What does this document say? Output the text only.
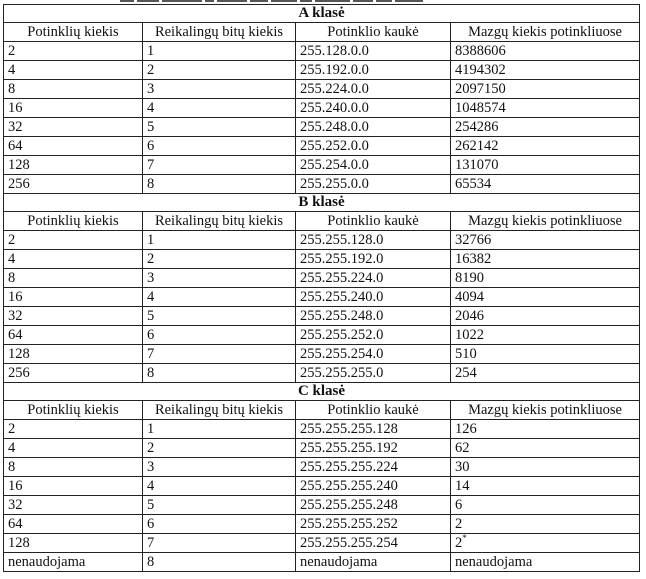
A klasė			
Potinklių kiekis	Reikalingų bitų kiekis	Potinklio kaukė	Mazgų kiekis potinkliuose
2	1	255.128.0.0	8388606
4	2	255.192.0.0	4194302
8	3	255.224.0.0	2097150
16	4	255.240.0.0	1048574
32	5	255.248.0.0	254286
64	6	255.252.0.0	262142
128	7	255.254.0.0	131070
256	8	255.255.0.0	65534
B klasė			
Potinklių kiekis	Reikalingų bitų kiekis	Potinklio kaukė	Mazgų kiekis potinkliuose
2	1	255.255.128.0	32766
4	2	255.255.192.0	16382
8	3	255.255.224.0	8190
16	4	255.255.240.0	4094
32	5	255.255.248.0	2046
64	6	255.255.252.0	1022
128	7	255.255.254.0	510
256	8	255.255.255.0	254
C klasė			
Potinklių kiekis	Reikalingų bitų kiekis	Potinklio kaukė	Mazgų kiekis potinkliuose
2	1	255.255.255.128	126
4	2	255.255.255.192	62
8	3	255.255.255.224	30
16	4	255.255.255.240	14
32	5	255.255.255.248	6
64	6	255.255.255.252	2
128	7	255.255.255.254	2*
nenaudojama	8	nenaudojama	nenaudojama
